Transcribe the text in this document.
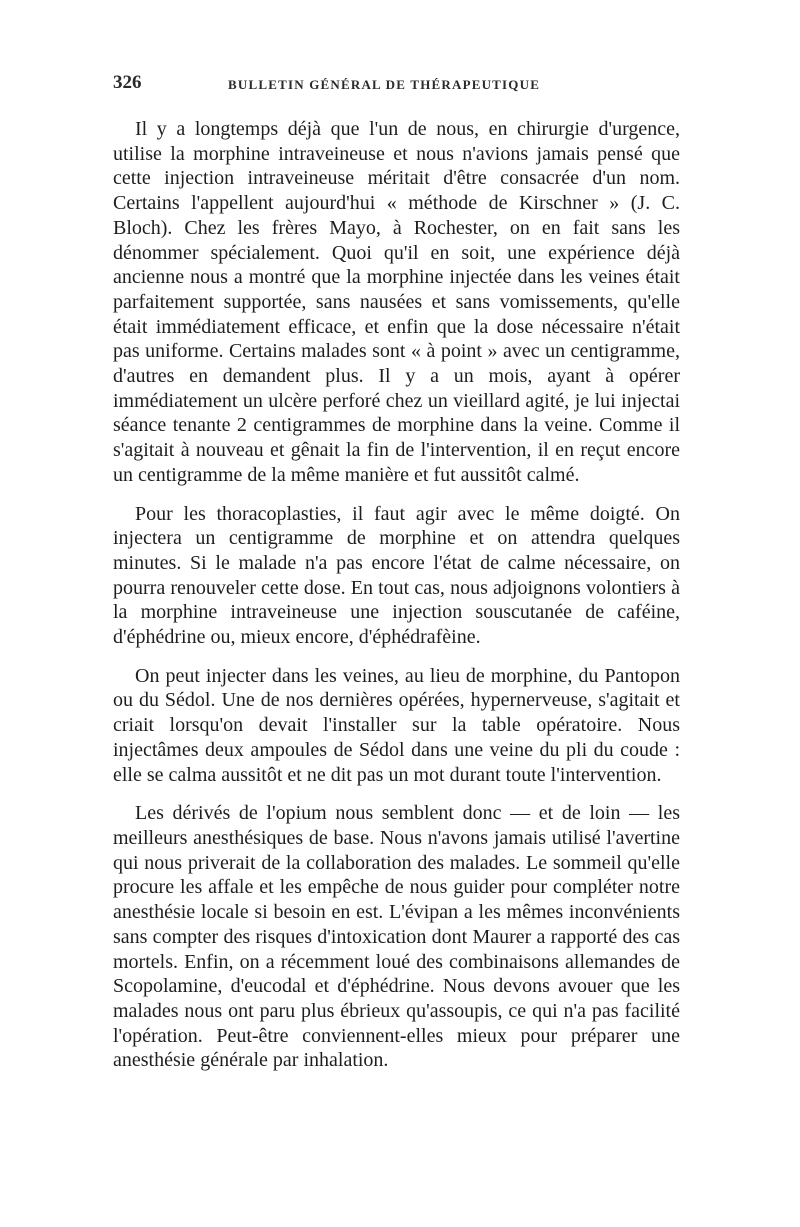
326	BULLETIN GÉNÉRAL DE THÉRAPEUTIQUE

Il y a longtemps déjà que l'un de nous, en chirurgie d'urgence, utilise la morphine intraveineuse et nous n'avions jamais pensé que cette injection intraveineuse méritait d'être consacrée d'un nom. Certains l'appellent aujourd'hui « méthode de Kirschner » (J. C. Bloch). Chez les frères Mayo, à Rochester, on en fait sans les dénommer spécialement. Quoi qu'il en soit, une expérience déjà ancienne nous a montré que la morphine injectée dans les veines était parfaitement supportée, sans nausées et sans vomissements, qu'elle était immédiatement efficace, et enfin que la dose nécessaire n'était pas uniforme. Certains malades sont « à point » avec un centigramme, d'autres en demandent plus. Il y a un mois, ayant à opérer immédiatement un ulcère perforé chez un vieillard agité, je lui injectai séance tenante 2 centigrammes de morphine dans la veine. Comme il s'agitait à nouveau et gênait la fin de l'intervention, il en reçut encore un centigramme de la même manière et fut aussitôt calmé.

Pour les thoracoplasties, il faut agir avec le même doigté. On injectera un centigramme de morphine et on attendra quelques minutes. Si le malade n'a pas encore l'état de calme nécessaire, on pourra renouveler cette dose. En tout cas, nous adjoignons volontiers à la morphine intraveineuse une injection souscutanée de caféine, d'éphédrine ou, mieux encore, d'éphédrafèine.

On peut injecter dans les veines, au lieu de morphine, du Pantopon ou du Sédol. Une de nos dernières opérées, hypernerveuse, s'agitait et criait lorsqu'on devait l'installer sur la table opératoire. Nous injectâmes deux ampoules de Sédol dans une veine du pli du coude : elle se calma aussitôt et ne dit pas un mot durant toute l'intervention.

Les dérivés de l'opium nous semblent donc — et de loin — les meilleurs anesthésiques de base. Nous n'avons jamais utilisé l'avertine qui nous priverait de la collaboration des malades. Le sommeil qu'elle procure les affale et les empêche de nous guider pour compléter notre anesthésie locale si besoin en est. L'évipan a les mêmes inconvénients sans compter des risques d'intoxication dont Maurer a rapporté des cas mortels. Enfin, on a récemment loué des combinaisons allemandes de Scopolamine, d'eucodal et d'éphédrine. Nous devons avouer que les malades nous ont paru plus ébrieux qu'assoupis, ce qui n'a pas facilité l'opération. Peut-être conviennent-elles mieux pour préparer une anesthésie générale par inhalation.
